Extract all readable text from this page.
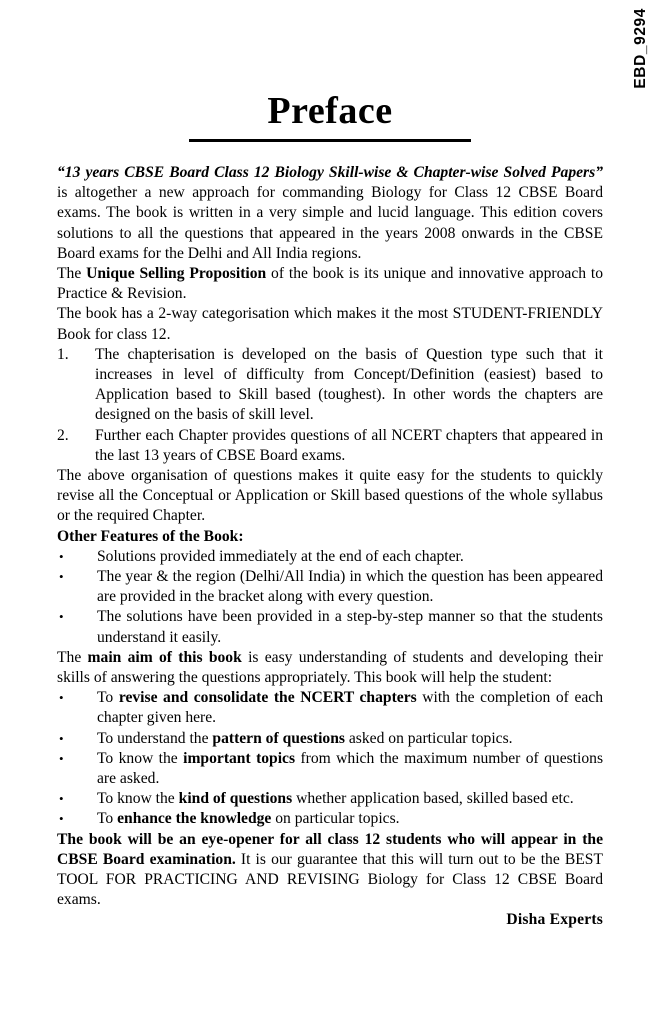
EBD_9294
Preface

“13 years CBSE Board Class 12 Biology Skill-wise & Chapter-wise Solved Papers” is altogether a new approach for commanding Biology for Class 12 CBSE Board exams. The book is written in a very simple and lucid language. This edition covers solutions to all the questions that appeared in the years 2008 onwards in the CBSE Board exams for the Delhi and All India regions.

The Unique Selling Proposition of the book is its unique and innovative approach to Practice & Revision.

The book has a 2-way categorisation which makes it the most STUDENT-FRIENDLY Book for class 12.

1.	The chapterisation is developed on the basis of Question type such that it increases in level of difficulty from Concept/Definition (easiest) based to Application based to Skill based (toughest). In other words the chapters are designed on the basis of skill level.
2.	Further each Chapter provides questions of all NCERT chapters that appeared in the last 13 years of CBSE Board exams.

The above organisation of questions makes it quite easy for the students to quickly revise all the Conceptual or Application or Skill based questions of the whole syllabus or the required Chapter.

Other Features of the Book:

•	Solutions provided immediately at the end of each chapter.
•	The year & the region (Delhi/All India) in which the question has been appeared are provided in the bracket along with every question.
•	The solutions have been provided in a step-by-step manner so that the students understand it easily.

The main aim of this book is easy understanding of students and developing their skills of answering the questions appropriately. This book will help the student:

•	To revise and consolidate the NCERT chapters with the completion of each chapter given here.
•	To understand the pattern of questions asked on particular topics.
•	To know the important topics from which the maximum number of questions are asked.
•	To know the kind of questions whether application based, skilled based etc.
•	To enhance the knowledge on particular topics.

The book will be an eye-opener for all class 12 students who will appear in the CBSE Board examination. It is our guarantee that this will turn out to be the BEST TOOL FOR PRACTICING AND REVISING Biology for Class 12 CBSE Board exams.

Disha Experts
